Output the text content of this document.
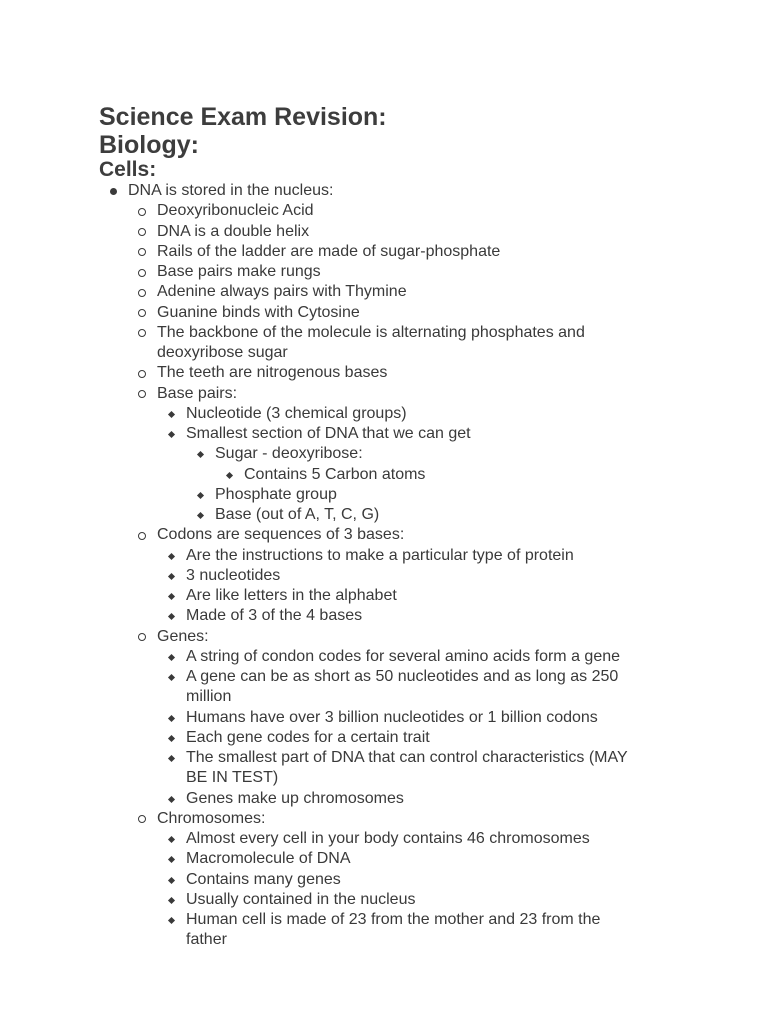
Science Exam Revision:
Biology:
Cells:
DNA is stored in the nucleus:
Deoxyribonucleic Acid
DNA is a double helix
Rails of the ladder are made of sugar-phosphate
Base pairs make rungs
Adenine always pairs with Thymine
Guanine binds with Cytosine
The backbone of the molecule is alternating phosphates and
deoxyribose sugar
The teeth are nitrogenous bases
Base pairs:
Nucleotide (3 chemical groups)
Smallest section of DNA that we can get
Sugar - deoxyribose:
Contains 5 Carbon atoms
Phosphate group
Base (out of A, T, C, G)
Codons are sequences of 3 bases:
Are the instructions to make a particular type of protein
3 nucleotides
Are like letters in the alphabet
Made of 3 of the 4 bases
Genes:
A string of condon codes for several amino acids form a gene
A gene can be as short as 50 nucleotides and as long as 250
million
Humans have over 3 billion nucleotides or 1 billion codons
Each gene codes for a certain trait
The smallest part of DNA that can control characteristics (MAY
BE IN TEST)
Genes make up chromosomes
Chromosomes:
Almost every cell in your body contains 46 chromosomes
Macromolecule of DNA
Contains many genes
Usually contained in the nucleus
Human cell is made of 23 from the mother and 23 from the
father
